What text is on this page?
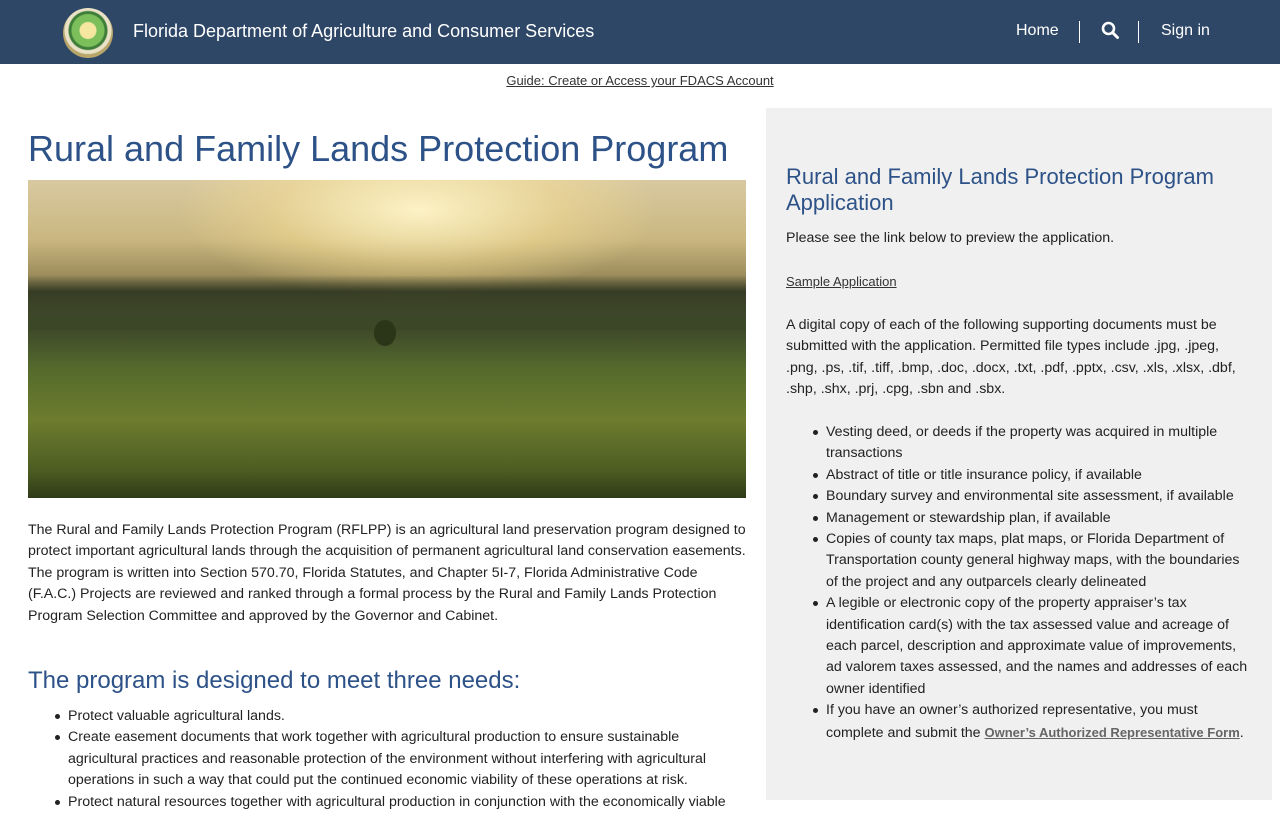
Florida Department of Agriculture and Consumer Services	Home	Sign in
Guide: Create or Access your FDACS Account
Rural and Family Lands Protection Program

The Rural and Family Lands Protection Program (RFLPP) is an agricultural land preservation program designed to protect important agricultural lands through the acquisition of permanent agricultural land conservation easements. The program is written into Section 570.70, Florida Statutes, and Chapter 5I-7, Florida Administrative Code (F.A.C.) Projects are reviewed and ranked through a formal process by the Rural and Family Lands Protection Program Selection Committee and approved by the Governor and Cabinet.

The program is designed to meet three needs:
Protect valuable agricultural lands.
Create easement documents that work together with agricultural production to ensure sustainable agricultural practices and reasonable protection of the environment without interfering with agricultural operations in such a way that could put the continued economic viability of these operations at risk.
Protect natural resources together with agricultural production in conjunction with the economically viable
Rural and Family Lands Protection Program Application

Please see the link below to preview the application.

Sample Application

A digital copy of each of the following supporting documents must be submitted with the application. Permitted file types include .jpg, .jpeg, .png, .ps, .tif, .tiff, .bmp, .doc, .docx, .txt, .pdf, .pptx, .csv, .xls, .xlsx, .dbf, .shp, .shx, .prj, .cpg, .sbn and .sbx.

Vesting deed, or deeds if the property was acquired in multiple transactions
Abstract of title or title insurance policy, if available
Boundary survey and environmental site assessment, if available
Management or stewardship plan, if available
Copies of county tax maps, plat maps, or Florida Department of Transportation county general highway maps, with the boundaries of the project and any outparcels clearly delineated
A legible or electronic copy of the property appraiser’s tax identification card(s) with the tax assessed value and acreage of each parcel, description and approximate value of improvements, ad valorem taxes assessed, and the names and addresses of each owner identified
If you have an owner’s authorized representative, you must complete and submit the Owner’s Authorized Representative Form.
